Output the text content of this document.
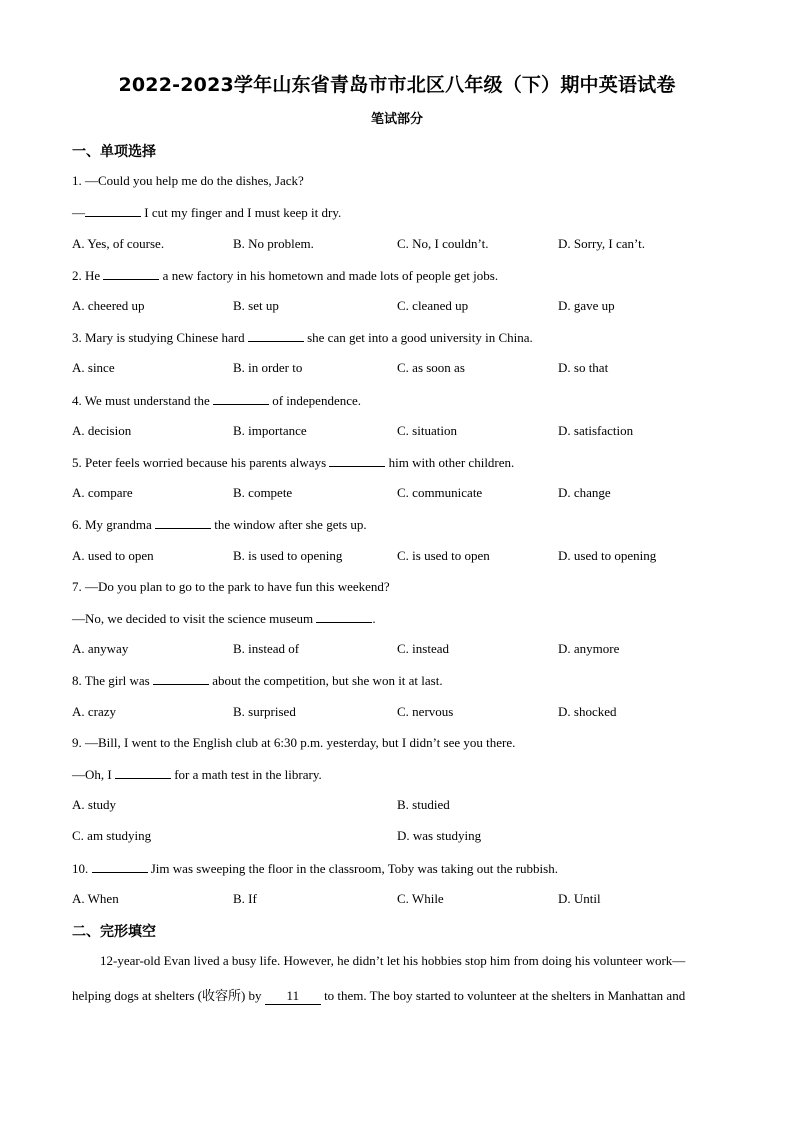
2022-2023学年山东省青岛市市北区八年级（下）期中英语试卷
笔试部分
一、单项选择
1. —Could you help me do the dishes, Jack?
—	I cut my finger and I must keep it dry.
A. Yes, of course.	B. No problem.	C. No, I couldn’t.	D. Sorry, I can’t.
2. He	a new factory in his hometown and made lots of people get jobs.
A. cheered up	B. set up	C. cleaned up	D. gave up
3. Mary is studying Chinese hard	she can get into a good university in China.
A. since	B. in order to	C. as soon as	D. so that
4. We must understand the	of independence.
A. decision	B. importance	C. situation	D. satisfaction
5. Peter feels worried because his parents always	him with other children.
A. compare	B. compete	C. communicate	D. change
6. My grandma	the window after she gets up.
A. used to open	B. is used to opening	C. is used to open	D. used to opening
7. —Do you plan to go to the park to have fun this weekend?
—No, we decided to visit the science museum	.
A. anyway	B. instead of	C. instead	D. anymore
8. The girl was	about the competition, but she won it at last.
A. crazy	B. surprised	C. nervous	D. shocked
9. —Bill, I went to the English club at 6:30 p.m. yesterday, but I didn’t see you there.
—Oh, I	for a math test in the library.
A. study	B. studied
C. am studying	D. was studying
10.	Jim was sweeping the floor in the classroom, Toby was taking out the rubbish.
A. When	B. If	C. While	D. Until
二、完形填空
12-year-old Evan lived a busy life. However, he didn’t let his hobbies stop him from doing his volunteer work—
helping dogs at shelters (收容所) by 11 to them. The boy started to volunteer at the shelters in Manhattan and
